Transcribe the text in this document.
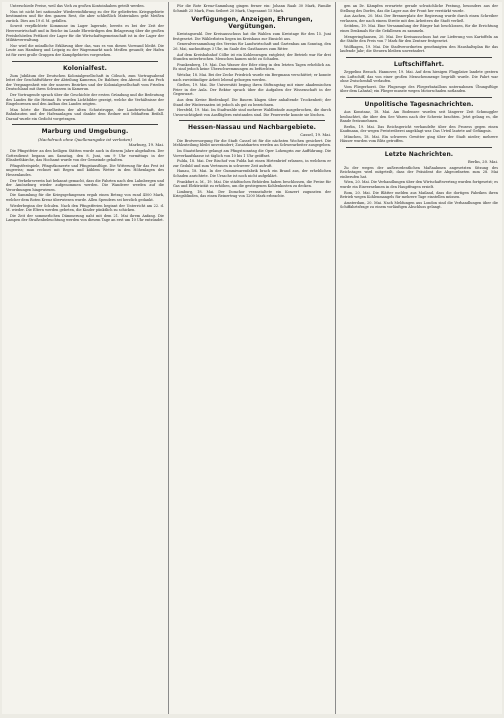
Unterschiede Preise, weil das Vieh zu großen Kontoinhaben geteilt werden.

Nun ist nicht bei nationaler Wiedereinführung zu der für gelieferten Kriegsgebiete bestimmten und für den ganzen Rest, die aber schließlich Materialien geht Meißen zurück. Dies am 19 d. M. gefallen.

Soweit verpflichtete Kommune im Lager lagernde, bereits es bei der Zeit der Heereswirtschaft und in Reiche im Lande Ehrwürdigen den Belagerung über die großen Preisbehörden Fettkost der Lager für die Wirtschaftsgemeinschaft ist in der Lager der Militärverwaltung.

Nur wird die mündliche Erklärung über das, was es von diesen Vorwand bleibt. Die Leute aus Hamburg und Leipzig zu der Wagenmarkt nach Meißen gesandt; der Hafen ist für zwei große Gruppen der Kampfgebietes vorgesehen.

Kolonialfest.

Zum Jubiläum der Deutschen Kolonialgesellschaft in Cöbuch, zum Vortragsabend leitet der Geschäftsführer der Abteilung Kamerun, Dr. Baldner, den Abend. Ist das Pech der Vergangenheit wie der unseres Bezirkes und der Kolonialgesellschaft vom Frieden Deutschland mit ihren Schwarzen in Kamerun.

Der Vortragende sprach über die Geschichte der ersten Gründung und die Bedeutung des Landes für die Heimat. Es wurden Lichtbilder gezeigt, welche die Verhältnisse der Eingeborenen und den Aufbau des Landes zeigten.

Man hörte die Einzelheiten der alten Schutztruppe, der Landwirtschaft, der Bahnbauten und der Hafenanlagen und dankte dem Redner mit lebhaftem Beifall. Darauf wurde ein Gedicht vorgetragen.

Marburg und Umgebung.
(Nachdruck ohne Quellenangabe ist verboten)
Marburg, 19. Mai.

Die Pfingstfeier an den heiligen Stätten wurde auch in diesem Jahre abgehalten. Der Gottesdienst begann am Samstag, den 8. Juni, um 9 Uhr vormittags in der Elisabethkirche, das Hochamt wurde von der Gemeinde gehalten.

Pfingstfestspiele, Pfingstkonzerte und Pfingstausflüge. Die Witterung für das Fest ist ungewiss; man rechnet mit Regen und kühlem Wetter in den Höhenlagen des Hessenlandes.

Der Verkehrsverein hat bekannt gemacht, dass die Fahrten nach den Lahnbergen und der Amöneburg wieder aufgenommen werden. Die Wanderer werden auf die Verordnungen hingewiesen.

Die Sammlung für die Kriegsgefangenen ergab einen Betrag von rund 4500 Mark, welcher dem Roten Kreuz überwiesen wurde. Allen Spendern sei herzlich gedankt.

Wiederbeginn der Schulen. Nach den Pfingstferien beginnt der Unterricht am 22. d. M. wieder. Die Eltern werden gebeten, die Kinder pünktlich zu schicken.

Die Zeit der sommerlichen Dämmerung naht mit dem 21. Mai ihrem Anfang. Die Lampen der Straßenbeleuchtung werden von diesem Tage an erst um 10 Uhr entzündet.

Für die Rote Kreuz-Sammlung gingen ferner ein: Johann Raab 30 Mark, Familie Schmidt 25 Mark, Frau Seibert 20 Mark, Ungenannt 15 Mark.

Verfügungen, Anzeigen, Ehrungen, Vergütungen.

Kreistagswahl. Der Kreisausschuss hat die Wahlen zum Kreistage für den 15. Juni festgesetzt. Die Wählerlisten liegen im Kreishaus zur Einsicht aus.

Generalversammlung des Vereins für Landwirtschaft und Gartenbau am Sonntag, den 26. Mai, nachmittags 3 Uhr, im Saale des Gasthauses zum Ritter.

Auf dem Kreisbahnhof Cölbe ist ein Kohlenwagen entgleist; der Betrieb war für drei Stunden unterbrochen. Menschen kamen nicht zu Schaden.

Frankenberg, 19. Mai. Das Wasser der Eder stieg in den letzten Tagen erheblich an. Es sind jedoch keine Überschwemmungen zu befürchten.

Wetzlar, 18. Mai. Bei der Zeche Friedrich wurde ein Bergmann verschüttet; er konnte nach zweistündiger Arbeit lebend geborgen werden.

Gießen, 19. Mai. Die Universität beging ihren Stiftungstag mit einer akademischen Feier in der Aula. Der Rektor sprach über die Aufgaben der Wissenschaft in der Gegenwart.

Aus dem Kreise Biedenkopf. Die Bauern klagen über anhaltende Trockenheit; der Stand der Wintersaaten ist jedoch als gut zu bezeichnen.

Hersfeld, 19. Mai. Im Stadtwalde sind mehrere Waldbrände ausgebrochen, die durch Unvorsichtigkeit von Ausflüglern entstanden sind. Die Feuerwehr konnte sie löschen.

Hessen-Nassau und Nachbargebiete.
Cassel, 19. Mai.

Die Brotversorgung für die Stadt Cassel ist für die nächsten Wochen gesichert. Die Mehlzuteilung bleibt unverändert; Zusatzkarten werden an Schwerarbeiter ausgegeben.

Im Staatstheater gelangt am Pfingstsonntag die Oper Lohengrin zur Aufführung. Die Vorverkaufskasse ist täglich von 10 bis 1 Uhr geöffnet.

Fulda, 18. Mai. Der Bischof von Fulda hat einen Hirtenbrief erlassen, in welchem er zur Geduld und zum Vertrauen in schwerer Zeit aufruft.

Hanau, 18. Mai. In der Gummiwarenfabrik brach ein Brand aus, der erheblichen Schaden anrichtete. Die Ursache ist noch nicht aufgeklärt.

Frankfurt a. M., 19. Mai. Die städtischen Behörden haben beschlossen, die Preise für Gas und Elektrizität zu erhöhen, um die gestiegenen Kohlenkosten zu decken.

Limburg, 18. Mai. Der Domchor veranstaltete ein Konzert zugunsten der Kriegsblinden, das einen Reinertrag von 1200 Mark erbrachte.

gen an Dr. Kämpfen erwartete gerade schwächliche Festung, besonders aus der Stellung des Dorfes, das die Lager aus der Front her verstärkt wurde.

Aus Aachen, 20. Mai. Der Brennerplatz der Regierung wurde durch einen Schreiber verlassen, der nach einem Streite mit den Arbeitern die Stadt verließ.

Seitdem, 19. Mai. Eine Versammlung der Bürger hat beschlossen, für die Errichtung eines Denkmals für die Gefallenen zu sammeln.

Mengeringhausen, 20. Mai. Der Kreisausschuss hat zur Lieferung von Kartoffeln an die Städte den Preis von 7 Mark für den Zentner festgesetzt.

Wolfhagen, 19. Mai. Die Stadtverordneten genehmigten den Haushaltsplan für das laufende Jahr; die Steuern bleiben unverändert.

Luftschiffahrt.

Zeppelins Besuch. Hannover, 19. Mai. Auf dem hiesigen Flugplatze landete gestern ein Luftschiff, das von einer großen Menschenmenge begrüßt wurde. Die Fahrt war ohne Zwischenfall verlaufen.

Vom Fliegerhorst. Die Flugzeuge des Fliegerbataillons unternahmen Übungsflüge über dem Lahntal; ein Flieger musste wegen Motorschaden notlanden.

Unpolitische Tagesnachrichten.

Aus Konstanz, 18. Mai. Am Bodensee wurden seit längerer Zeit Schmuggler beobachtet, die über den See Waren nach der Schweiz brachten. Jetzt gelang es, die Bande festzunehmen.

Berlin, 19. Mai. Das Reichsgericht verhandelte über den Prozess gegen einen Kaufmann, der wegen Preistreiberei angeklagt war. Das Urteil lautete auf Gefängnis.

München, 18. Mai. Ein schweres Gewitter ging über der Stadt nieder; mehrere Häuser wurden vom Blitz getroffen.

Letzte Nachrichten.
Berlin, 20. Mai.

Zu der wegen der außerordentlichen Maßnahmen angesetzten Sitzung des Reichstages wird mitgeteilt, dass der Präsident die Abgeordneten zum 28. Mai einberufen hat.

Wien, 20. Mai. Die Verhandlungen über den Wirtschaftsvertrag wurden fortgesetzt; es wurde ein Einvernehmen in den Hauptfragen erzielt.

Rom, 20. Mai. Die Blätter melden aus Mailand, dass die dortigen Fabriken ihren Betrieb wegen Kohlenmangels für mehrere Tage einstellen müssen.

Amsterdam, 20. Mai. Nach Meldungen aus London sind die Verhandlungen über die Schiffahrtsfrage zu einem vorläufigen Abschluss gelangt.
